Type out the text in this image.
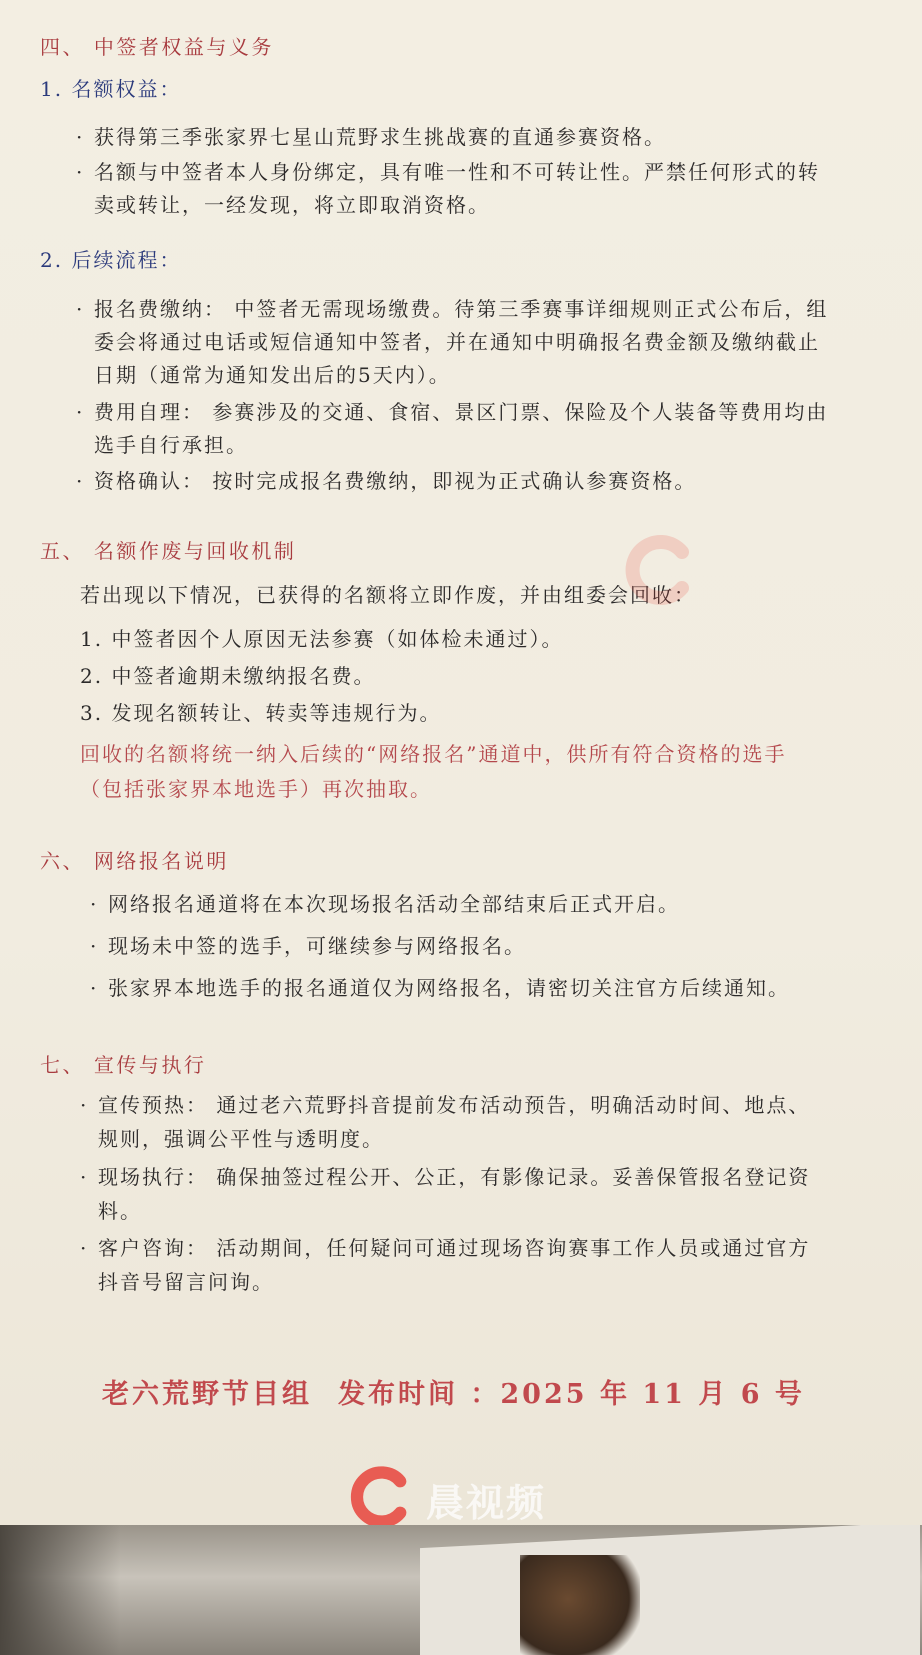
四、 中签者权益与义务

1. 名额权益：

· 获得第三季张家界七星山荒野求生挑战赛的直通参赛资格。

· 名额与中签者本人身份绑定，具有唯一性和不可转让性。严禁任何形式的转

卖或转让，一经发现，将立即取消资格。

2. 后续流程：

· 报名费缴纳： 中签者无需现场缴费。待第三季赛事详细规则正式公布后，组

委会将通过电话或短信通知中签者，并在通知中明确报名费金额及缴纳截止

日期（通常为通知发出后的5天内）。

· 费用自理： 参赛涉及的交通、食宿、景区门票、保险及个人装备等费用均由

选手自行承担。

· 资格确认： 按时完成报名费缴纳，即视为正式确认参赛资格。

五、 名额作废与回收机制

若出现以下情况，已获得的名额将立即作废，并由组委会回收：

1. 中签者因个人原因无法参赛（如体检未通过）。

2. 中签者逾期未缴纳报名费。

3. 发现名额转让、转卖等违规行为。

回收的名额将统一纳入后续的“网络报名”通道中，供所有符合资格的选手

（包括张家界本地选手）再次抽取。

六、 网络报名说明

· 网络报名通道将在本次现场报名活动全部结束后正式开启。

· 现场未中签的选手，可继续参与网络报名。

· 张家界本地选手的报名通道仅为网络报名，请密切关注官方后续通知。

七、 宣传与执行

· 宣传预热： 通过老六荒野抖音提前发布活动预告，明确活动时间、地点、

规则，强调公平性与透明度。

· 现场执行： 确保抽签过程公开、公正，有影像记录。妥善保管报名登记资

料。

· 客户咨询： 活动期间，任何疑问可通过现场咨询赛事工作人员或通过官方

抖音号留言问询。

老六荒野节目组 发布时间 ：2025 年 11 月 6 号

晨视频
